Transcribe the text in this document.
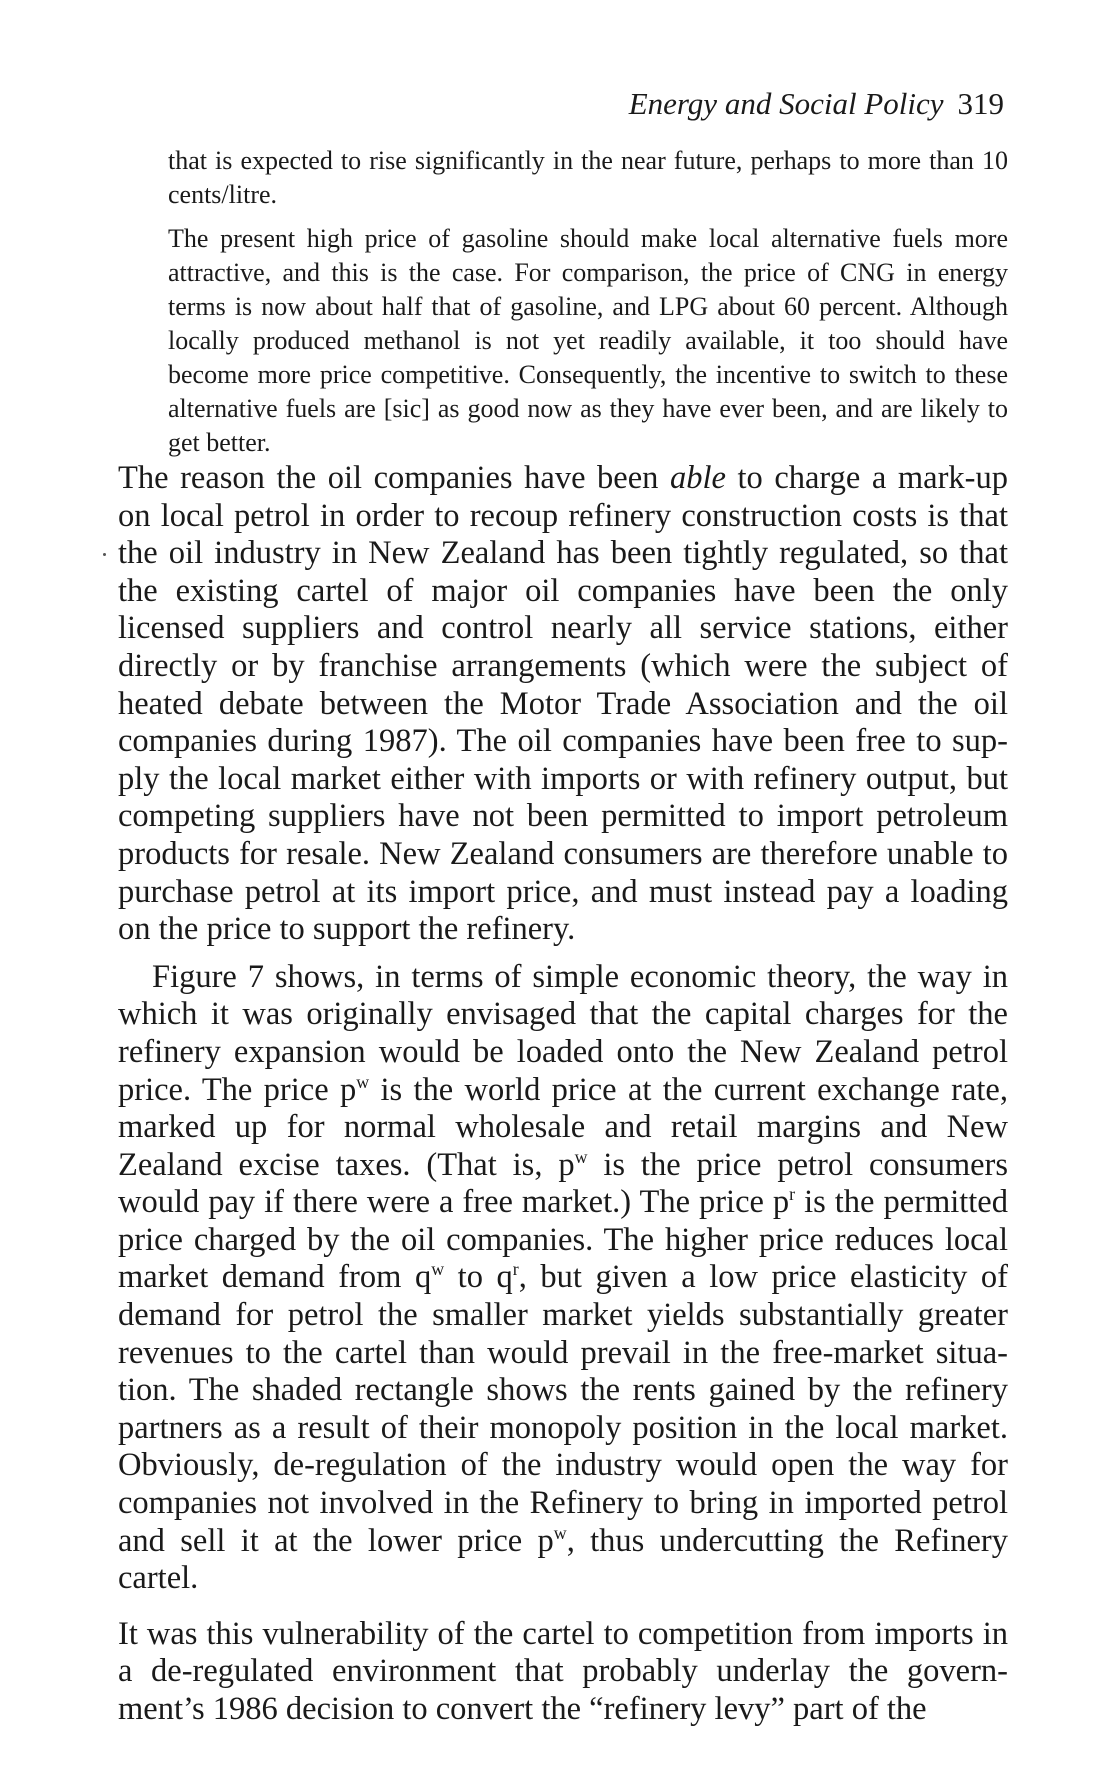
Energy and Social Policy 319

that is expected to rise significantly in the near future, perhaps to more than 10 cents/litre.

The present high price of gasoline should make local alternative fuels more attractive, and this is the case. For comparison, the price of CNG in energy terms is now about half that of gasoline, and LPG about 60 percent. Although locally produced methanol is not yet readily available, it too should have become more price competitive. Consequently, the incentive to switch to these alternative fuels are [sic] as good now as they have ever been, and are likely to get better.

The reason the oil companies have been able to charge a mark-up on local petrol in order to recoup refinery construction costs is that the oil industry in New Zealand has been tightly regulated, so that the existing cartel of major oil companies have been the only licensed suppliers and control nearly all service stations, either directly or by franchise arrangements (which were the subject of heated debate between the Motor Trade Association and the oil companies during 1987). The oil companies have been free to supply the local market either with imports or with refinery output, but competing suppliers have not been permitted to import petroleum products for resale. New Zealand consumers are therefore unable to purchase petrol at its import price, and must instead pay a loading on the price to support the refinery.

Figure 7 shows, in terms of simple economic theory, the way in which it was originally envisaged that the capital charges for the refinery expansion would be loaded onto the New Zealand petrol price. The price $p^w$ is the world price at the current exchange rate, marked up for normal wholesale and retail margins and New Zealand excise taxes. (That is, $p^w$ is the price petrol consumers would pay if there were a free market.) The price $p^r$ is the permitted price charged by the oil companies. The higher price reduces local market demand from $q^w$ to $q^r$, but given a low price elasticity of demand for petrol the smaller market yields substantially greater revenues to the cartel than would prevail in the free-market situation. The shaded rectangle shows the rents gained by the refinery partners as a result of their monopoly position in the local market. Obviously, de-regulation of the industry would open the way for companies not involved in the Refinery to bring in imported petrol and sell it at the lower price $p^w$, thus undercutting the Refinery cartel.

It was this vulnerability of the cartel to competition from imports in a de-regulated environment that probably underlay the government’s 1986 decision to convert the “refinery levy” part of the
